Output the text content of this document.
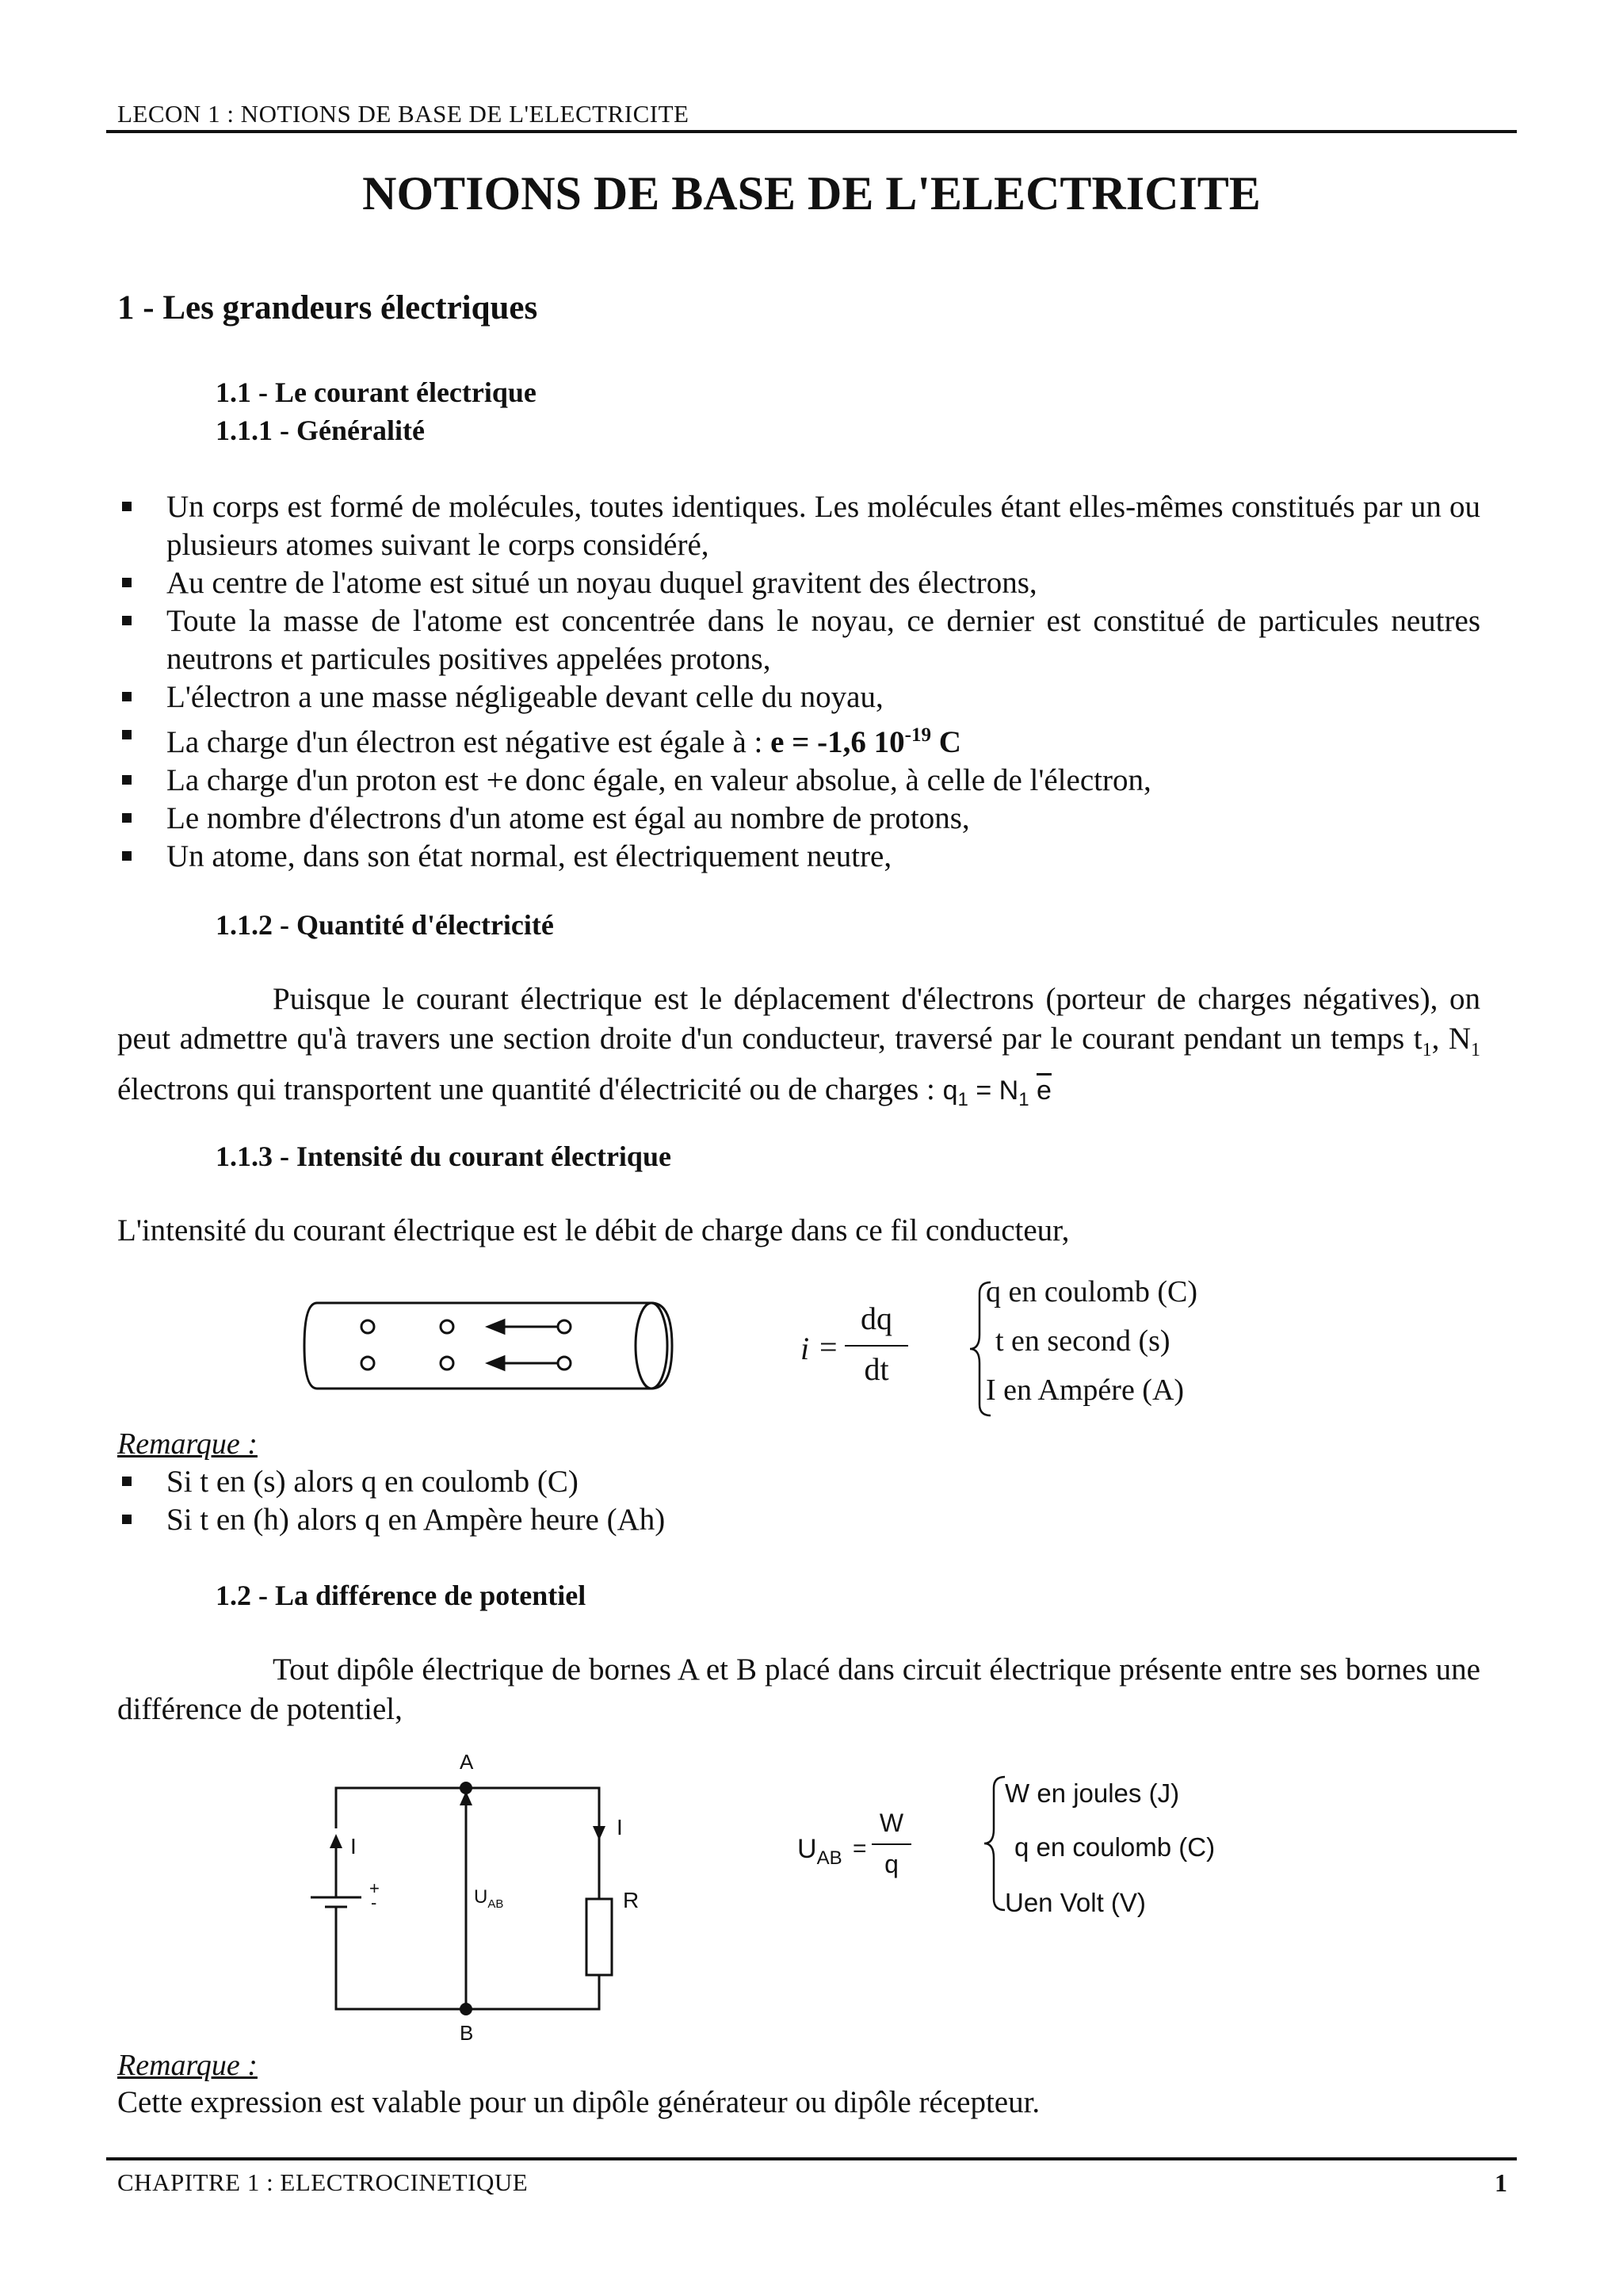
LECON 1 : NOTIONS DE BASE DE L'ELECTRICITE
NOTIONS DE BASE DE L'ELECTRICITE
1 - Les grandeurs électriques
1.1 - Le courant électrique
1.1.1 - Généralité
Un corps est formé de molécules, toutes identiques. Les molécules étant elles-mêmes constitués par un ou plusieurs atomes suivant le corps considéré,
Au centre de l'atome est situé un noyau duquel gravitent des électrons,
Toute la masse de l'atome est concentrée dans le noyau, ce dernier est constitué de particules neutres neutrons et particules positives appelées protons,
L'électron a une masse négligeable devant celle du noyau,
La charge d'un électron est négative est égale à : e = -1,6 $10^{-19}$ C
La charge d'un proton est +e donc égale, en valeur absolue, à celle de l'électron,
Le nombre d'électrons d'un atome est égal au nombre de protons,
Un atome, dans son état normal, est électriquement neutre,
1.1.2 - Quantité d'électricité

Puisque le courant électrique est le déplacement d'électrons (porteur de charges négatives), on peut admettre qu'à travers une section droite d'un conducteur, traversé par le courant pendant un temps $t_1$, $N_1$ électrons qui transportent une quantité d'électricité ou de charges : $q_1 = N_1$ $\overline{e}$

1.1.3 - Intensité du courant électrique

L'intensité du courant électrique est le débit de charge dans ce fil conducteur,

i =
dq
dt
q en coulomb (C)
t en second (s)
I en Ampére (A)
Remarque :
Si t en (s) alors q en coulomb (C)
Si t en (h) alors q en Ampère heure (Ah)
1.2 - La différence de potentiel

Tout dipôle électrique de bornes A et B placé dans circuit électrique présente entre ses bornes une différence de potentiel,

A
B
I
I
+
-	$U_{AB}$	R
$U_{AB}$ =
W
q
W en joules (J)
q en coulomb (C)
Uen Volt (V)
Remarque :

Cette expression est valable pour un dipôle générateur ou dipôle récepteur.

CHAPITRE 1 : ELECTROCINETIQUE	1
